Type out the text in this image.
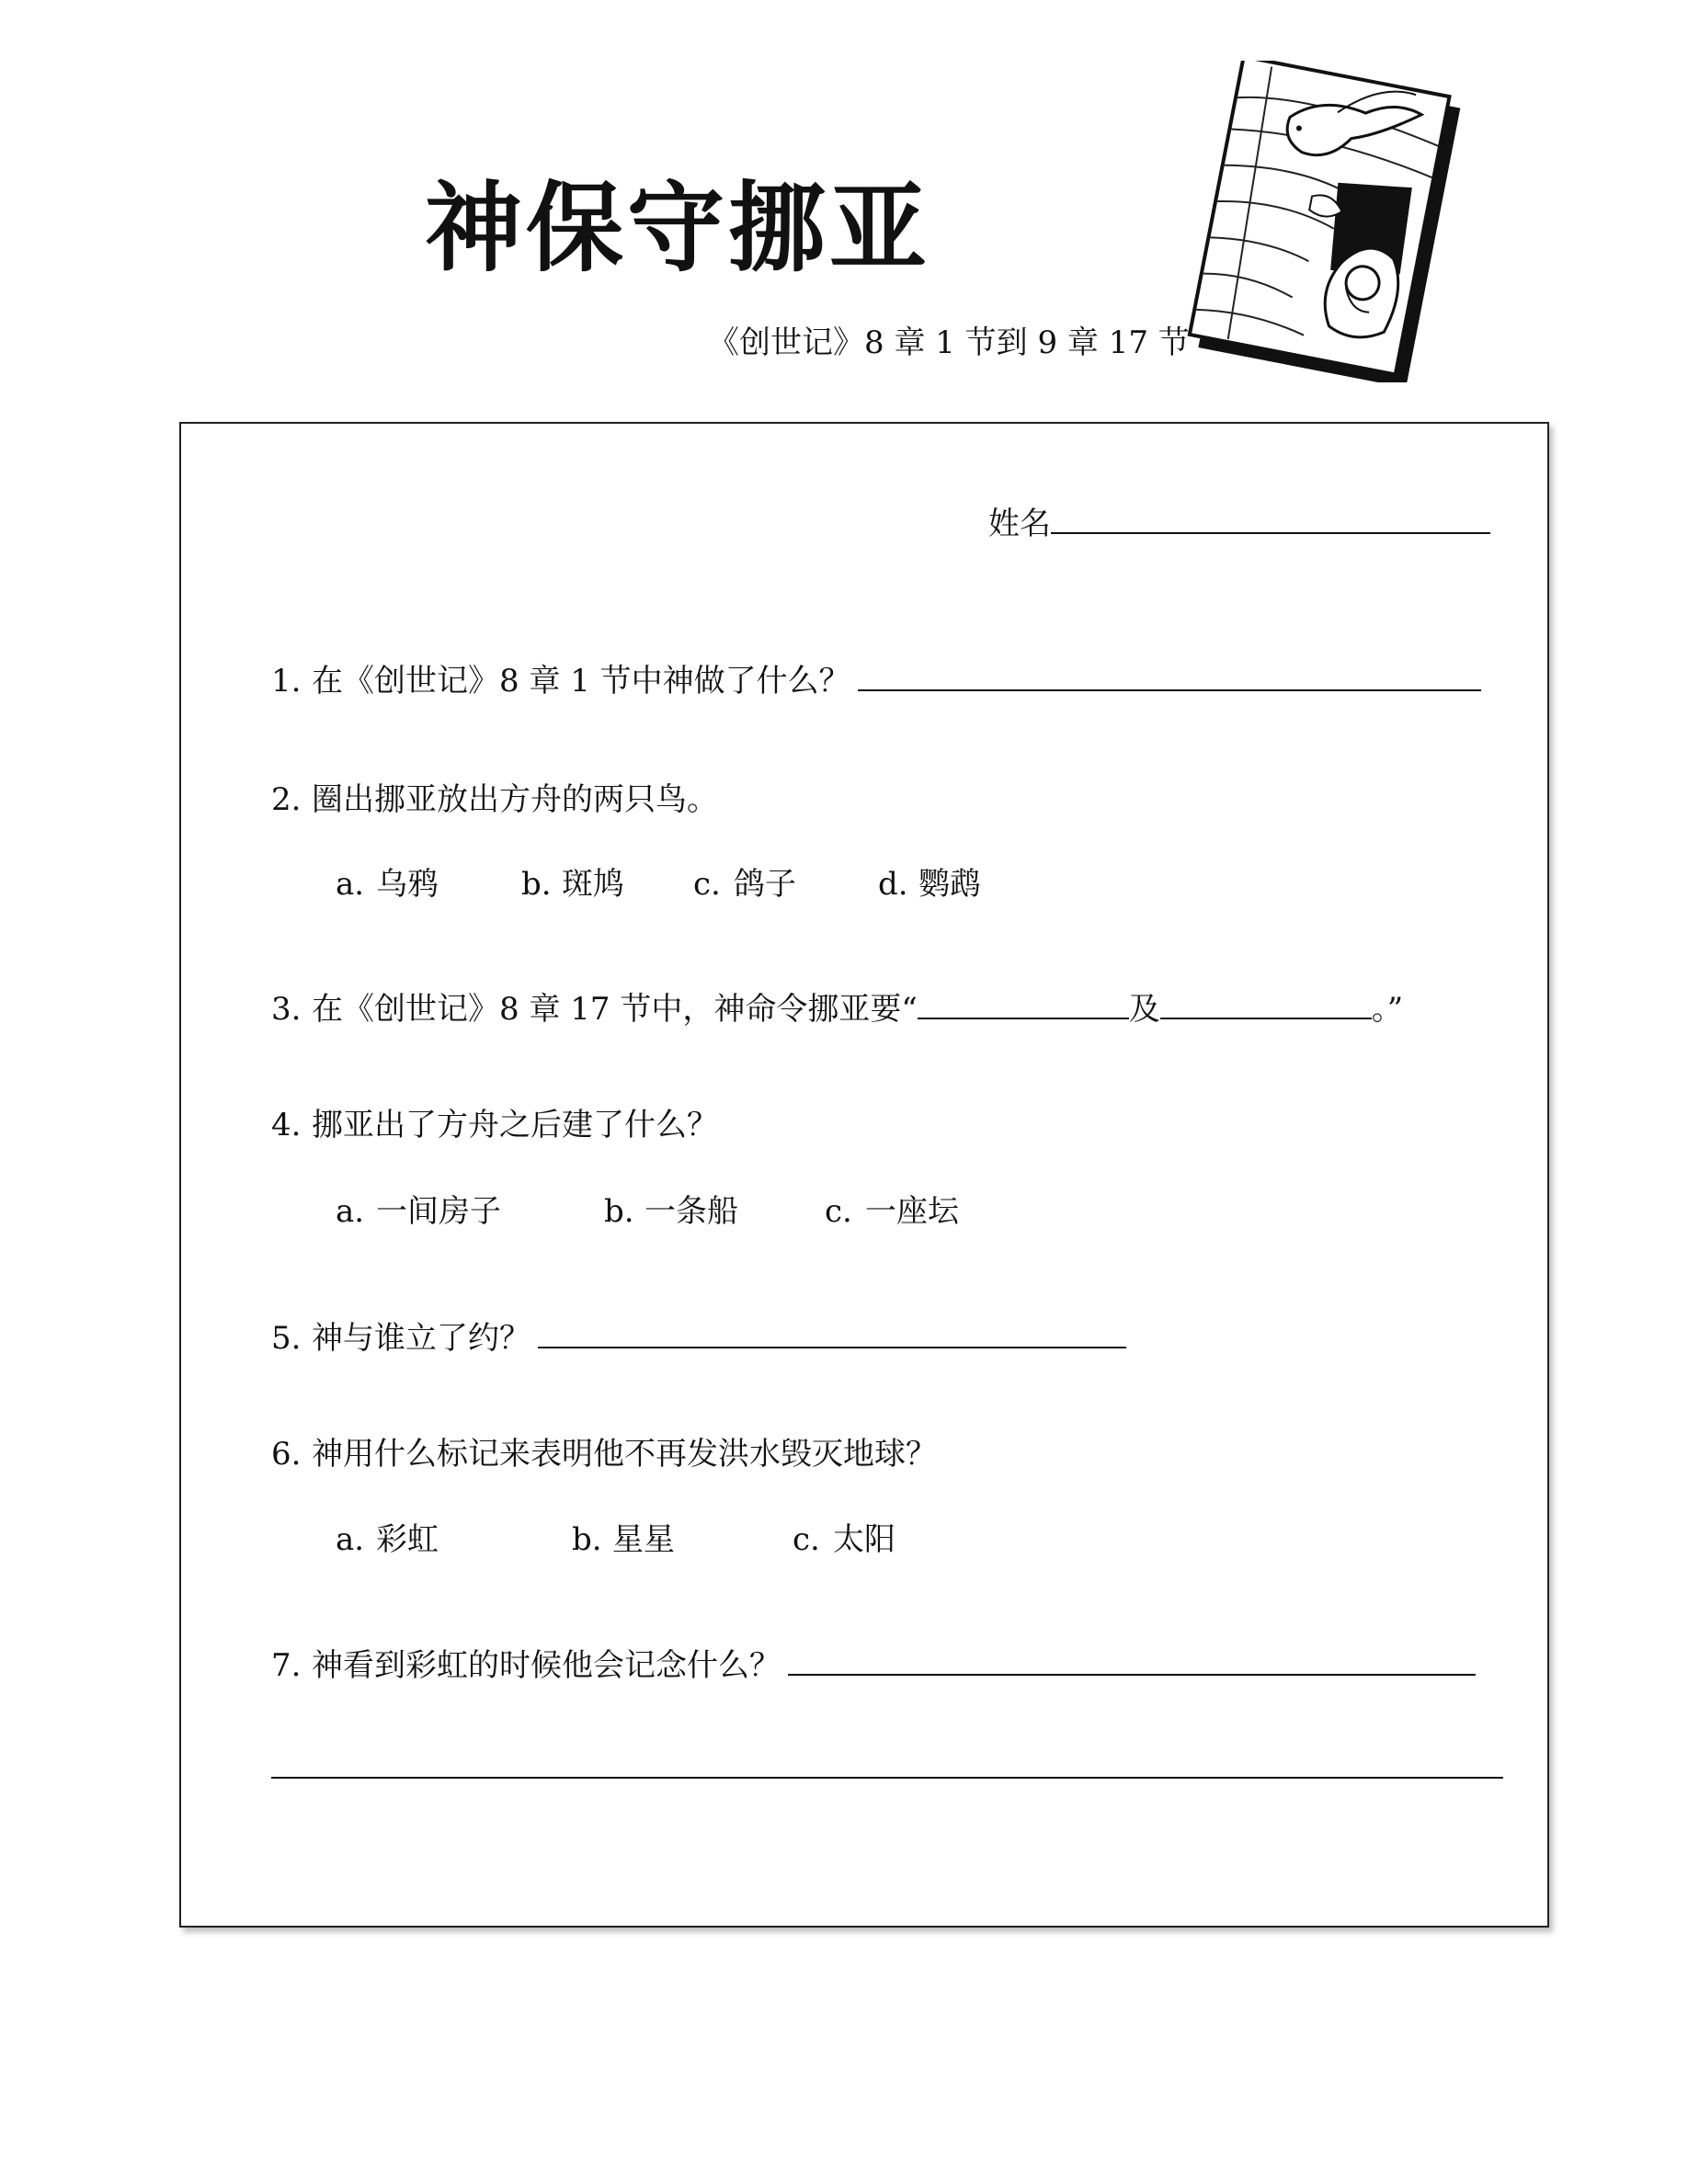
神保守挪亚
《创世记》8 章 1 节到 9 章 17 节
姓名
1. 在《创世记》8 章 1 节中神做了什么？
2. 圈出挪亚放出方舟的两只鸟。
a. 乌鸦	b. 斑鸠 c. 鸽子	d. 鹦鹉
3. 在《创世记》8 章 17 节中，神命令挪亚要“	及	。”
4. 挪亚出了方舟之后建了什么？
a. 一间房子	b. 一条船	c. 一座坛
5. 神与谁立了约？
6. 神用什么标记来表明他不再发洪水毁灭地球？
a. 彩虹	b. 星星	c. 太阳
7. 神看到彩虹的时候他会记念什么？
